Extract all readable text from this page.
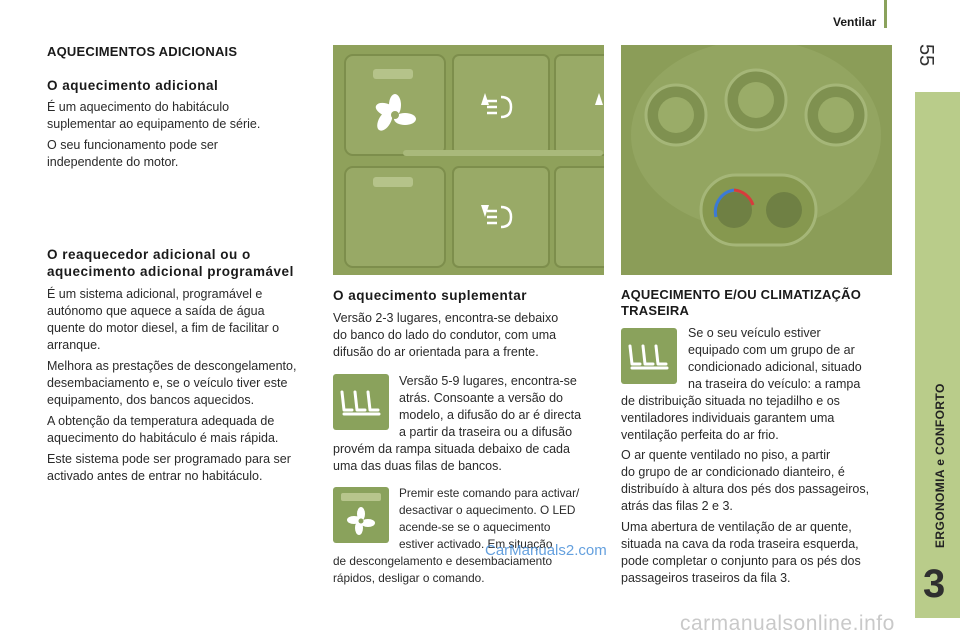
Ventilar
55
ERGONOMIA e CONFORTO
3
AQUECIMENTOS ADICIONAIS
O aquecimento adicional

É um aquecimento do habitáculo

suplementar ao equipamento de série.

O seu funcionamento pode ser

independente do motor.

O reaquecedor adicional ou o
aquecimento adicional programável

É um sistema adicional, programável e

autónomo que aquece a saída de água

quente do motor diesel, a fim de facilitar o

arranque.

Melhora as prestações de descongelamento,

desembaciamento e, se o veículo tiver este

equipamento, dos bancos aquecidos.

A obtenção da temperatura adequada de

aquecimento do habitáculo é mais rápida.

Este sistema pode ser programado para ser

activado antes de entrar no habitáculo.

O aquecimento suplementar

Versão 2-3 lugares, encontra-se debaixo

do banco do lado do condutor, com uma

difusão do ar orientada para a frente.

Versão 5-9 lugares, encontra-se

atrás. Consoante a versão do

modelo, a difusão do ar é directa

a partir da traseira ou a difusão

provém da rampa situada debaixo de cada

uma das duas filas de bancos.

Premir este comando para activar/

desactivar o aquecimento. O LED

acende-se se o aquecimento

estiver activado. Em situação

de descongelamento e desembaciamento

rápidos, desligar o comando.

CarManuals2.com
AQUECIMENTO E/OU CLIMATIZAÇÃO
TRASEIRA

Se o seu veículo estiver

equipado com um grupo de ar

condicionado adicional, situado

na traseira do veículo: a rampa

de distribuição situada no tejadilho e os

ventiladores individuais garantem uma

ventilação perfeita do ar frio.

O ar quente ventilado no piso, a partir

do grupo de ar condicionado dianteiro, é

distribuído à altura dos pés dos passageiros,

atrás das filas 2 e 3.

Uma abertura de ventilação de ar quente,

situada na cava da roda traseira esquerda,

pode completar o conjunto para os pés dos

passageiros traseiros da fila 3.

carmanualsonline.info
